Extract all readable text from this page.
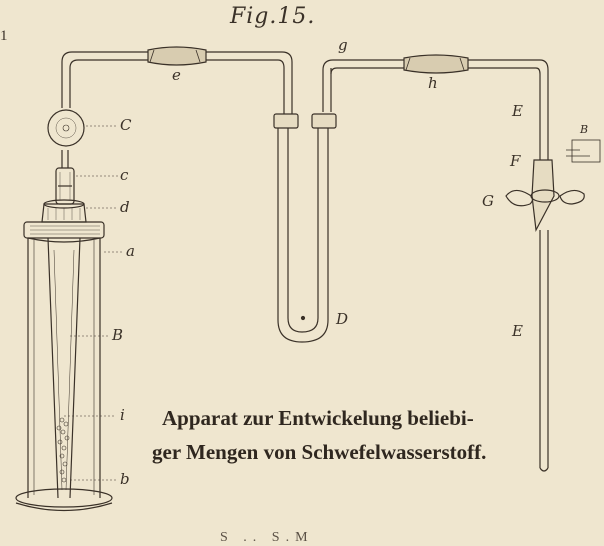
Fig.15.
1
C
c
d
a
B
i
b
e
g
D
h
E
F
G
E
B
Apparat zur Entwickelung beliebi-
ger Mengen von Schwefelwasserstoff.
S .. S.M
